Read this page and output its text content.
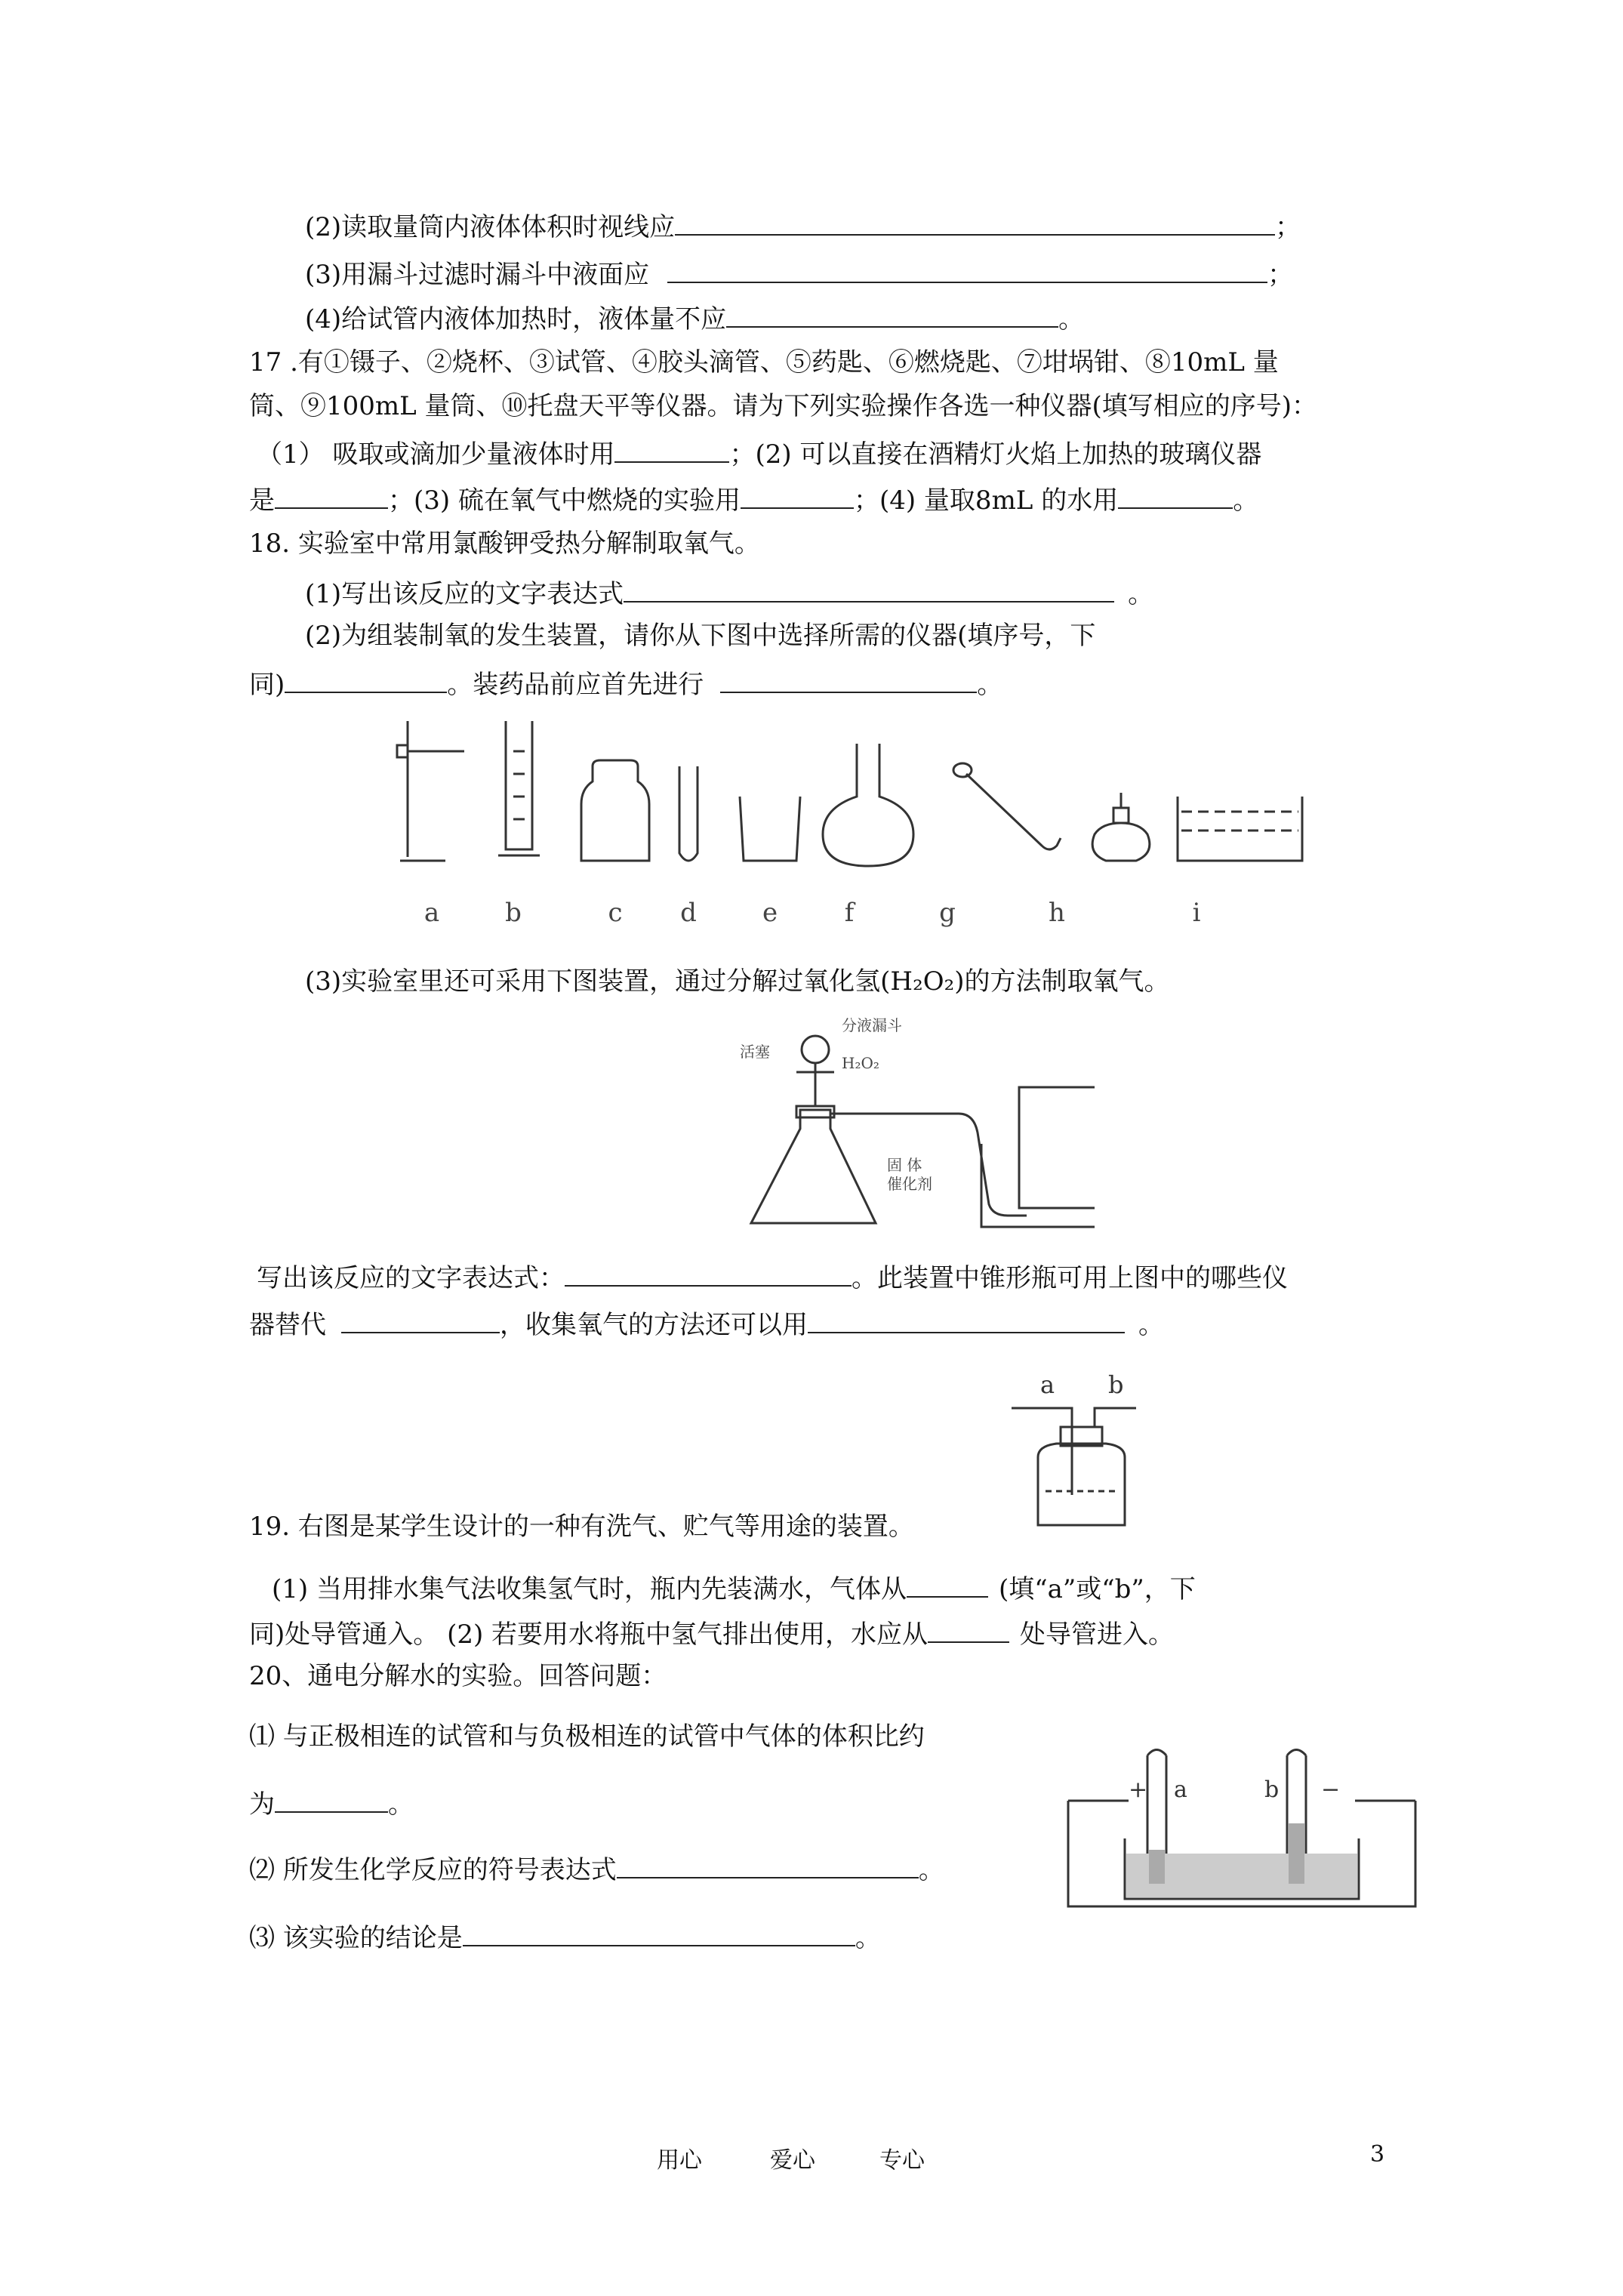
(2)读取量筒内液体体积时视线应	；
(3)用漏斗过滤时漏斗中液面应	；
(4)给试管内液体加热时，液体量不应	。
17 .有①镊子、②烧杯、③试管、④胶头滴管、⑤药匙、⑥燃烧匙、⑦坩埚钳、⑧10mL 量
筒、⑨100mL 量筒、⑩托盘天平等仪器。请为下列实验操作各选一种仪器(填写相应的序号)：
（1） 吸取或滴加少量液体时用	；(2) 可以直接在酒精灯火焰上加热的玻璃仪器
是	；(3) 硫在氧气中燃烧的实验用	；(4) 量取8mL 的水用	。
18. 实验室中常用氯酸钾受热分解制取氧气。
(1)写出该反应的文字表达式	。
(2)为组装制氧的发生装置，请你从下图中选择所需的仪器(填序号，下
同)	。装药品前应首先进行	。
a	b	c d	e	f	g	h	i
(3)实验室里还可采用下图装置，通过分解过氧化氢(H₂O₂)的方法制取氧气。
分液漏斗
活塞
H₂O₂
固 体
催化剂
写出该反应的文字表达式：	。此装置中锥形瓶可用上图中的哪些仪
器替代	，收集氧气的方法还可以用	。
a b
19. 右图是某学生设计的一种有洗气、贮气等用途的装置。
(1) 当用排水集气法收集氢气时，瓶内先装满水，气体从	(填“a”或“b”，下
同)处导管通入。 (2) 若要用水将瓶中氢气排出使用，水应从	处导管进入。
20、通电分解水的实验。回答问题：
⑴ 与正极相连的试管和与负极相连的试管中气体的体积比约
为	。
⑵ 所发生化学反应的符号表达式	。
⑶ 该实验的结论是	。
+ a	b −
用心	爱心	专心	3
